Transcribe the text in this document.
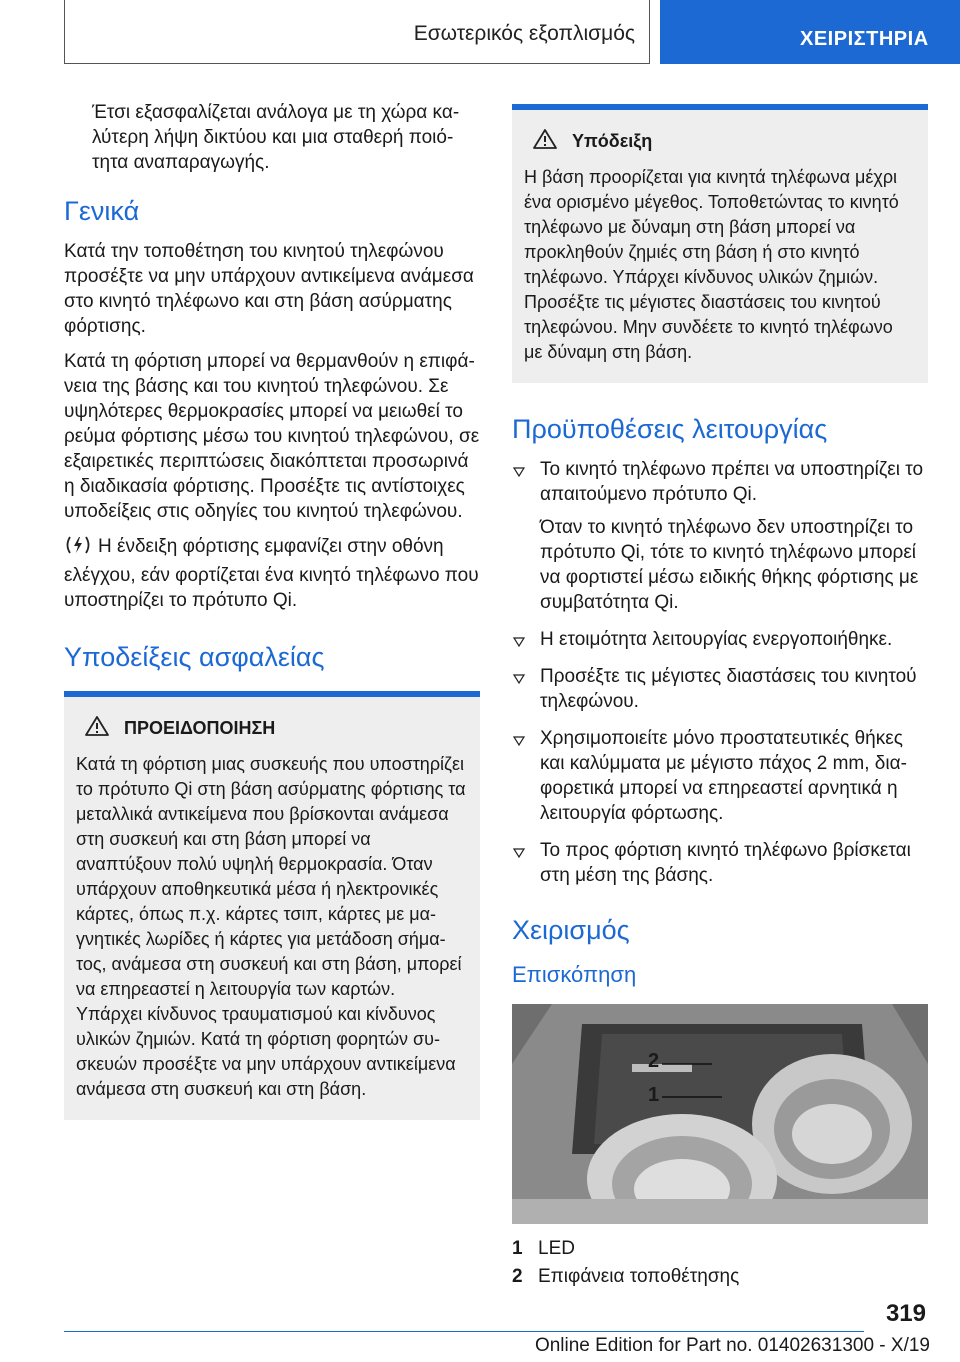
Εσωτερικός εξοπλισμός	ΧΕΙΡΙΣΤΗΡΙΑ

Έτσι εξασφαλίζεται ανάλογα με τη χώρα καλύτερη λήψη δικτύου και μια σταθερή ποιότητα αναπαραγωγής.

Γενικά

Κατά την τοποθέτηση του κινητού τηλεφώνου προσέξτε να μην υπάρχουν αντικείμενα ανάμεσα στο κινητό τηλέφωνο και στη βάση ασύρματης φόρτισης.

Κατά τη φόρτιση μπορεί να θερμανθούν η επιφάνεια της βάσης και του κινητού τηλεφώνου. Σε υψηλότερες θερμοκρασίες μπορεί να μειωθεί το ρεύμα φόρτισης μέσω του κινητού τηλεφώνου, σε εξαιρετικές περιπτώσεις διακόπτεται προσωρινά η διαδικασία φόρτισης. Προσέξτε τις αντίστοιχες υποδείξεις στις οδηγίες του κινητού τηλεφώνου.

Η ένδειξη φόρτισης εμφανίζει στην οθόνη ελέγχου, εάν φορτίζεται ένα κινητό τηλέφωνο που υποστηρίζει το πρότυπο Qi.

Υποδείξεις ασφαλείας
ΠΡΟΕΙΔΟΠΟΙΗΣΗ

Κατά τη φόρτιση μιας συσκευής που υποστηρίζει το πρότυπο Qi στη βάση ασύρματης φόρτισης τα μεταλλικά αντικείμενα που βρίσκονται ανάμεσα στη συσκευή και στη βάση μπορεί να αναπτύξουν πολύ υψηλή θερμοκρασία. Όταν υπάρχουν αποθηκευτικά μέσα ή ηλεκτρονικές κάρτες, όπως π.χ. κάρτες τσιπ, κάρτες με μαγνητικές λωρίδες ή κάρτες για μετάδοση σήματος, ανάμεσα στη συσκευή και στη βάση, μπορεί να επηρεαστεί η λειτουργία των καρτών. Υπάρχει κίνδυνος τραυματισμού και κίνδυνος υλικών ζημιών. Κατά τη φόρτιση φορητών συσκευών προσέξτε να μην υπάρχουν αντικείμενα ανάμεσα στη συσκευή και στη βάση.

Υπόδειξη

Η βάση προορίζεται για κινητά τηλέφωνα μέχρι ένα ορισμένο μέγεθος. Τοποθετώντας το κινητό τηλέφωνο με δύναμη στη βάση μπορεί να προκληθούν ζημιές στη βάση ή στο κινητό τηλέφωνο. Υπάρχει κίνδυνος υλικών ζημιών. Προσέξτε τις μέγιστες διαστάσεις του κινητού τηλεφώνου. Μην συνδέετε το κινητό τηλέφωνο με δύναμη στη βάση.

Προϋποθέσεις λειτουργίας
Το κινητό τηλέφωνο πρέπει να υποστηρίζει το απαιτούμενο πρότυπο Qi.

Όταν το κινητό τηλέφωνο δεν υποστηρίζει το πρότυπο Qi, τότε το κινητό τηλέφωνο μπορεί να φορτιστεί μέσω ειδικής θήκης φόρτισης με συμβατότητα Qi.

Η ετοιμότητα λειτουργίας ενεργοποιήθηκε.
Προσέξτε τις μέγιστες διαστάσεις του κινητού τηλεφώνου.
Χρησιμοποιείτε μόνο προστατευτικές θήκες και καλύμματα με μέγιστο πάχος 2 mm, διαφορετικά μπορεί να επηρεαστεί αρνητικά η λειτουργία φόρτωσης.
Το προς φόρτιση κινητό τηλέφωνο βρίσκεται στη μέση της βάσης.
Χειρισμός
Επισκόπηση
2
1
1 LED
2 Επιφάνεια τοποθέτησης
319
Online Edition for Part no. 01402631300 - X/19
